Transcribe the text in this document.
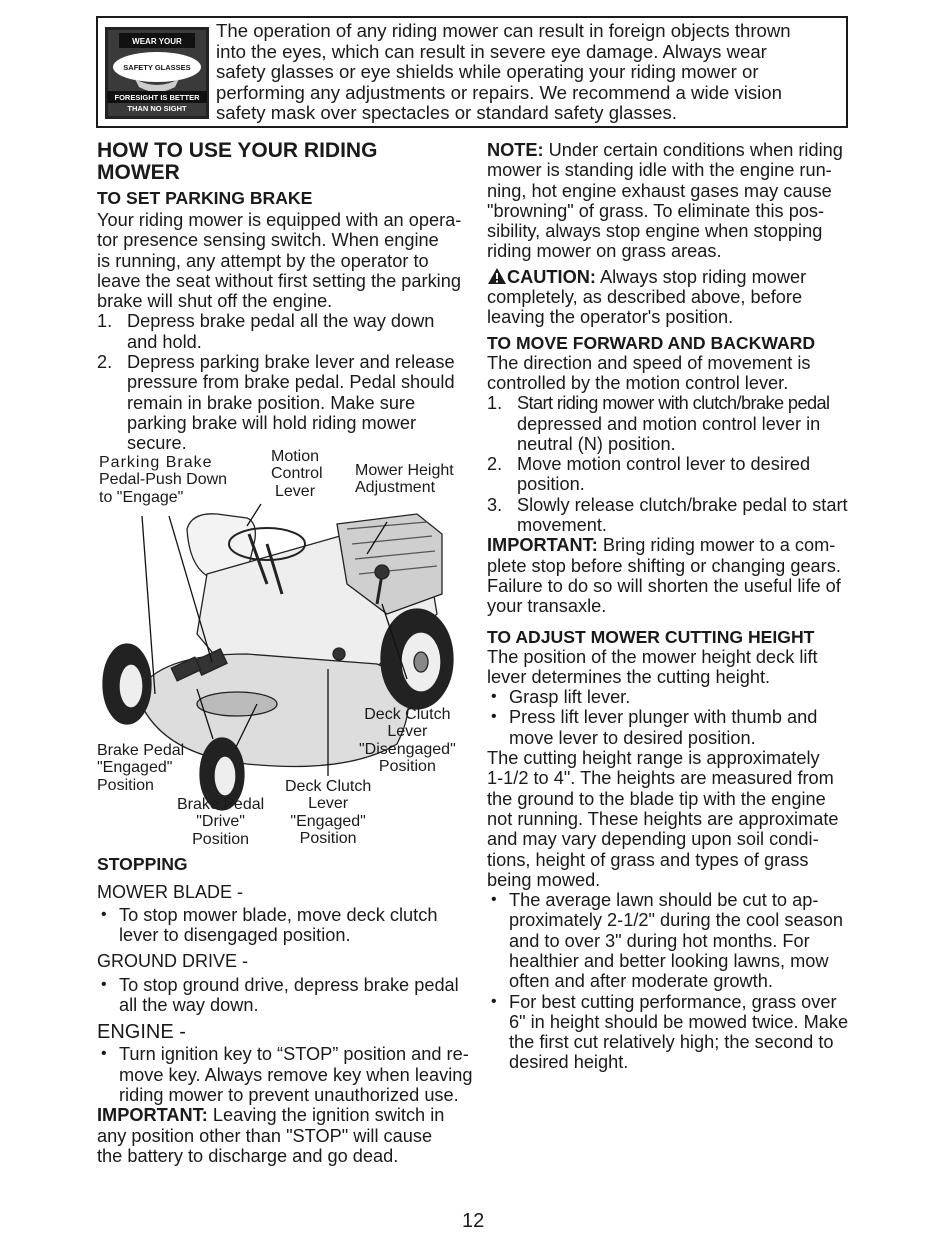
WEAR YOUR
SAFETY GLASSES
FORESIGHT IS BETTER
THAN NO SIGHT
The operation of any riding mower can result in foreign objects thrown
into the eyes, which can result in severe eye damage. Always wear
safety glasses or eye shields while operating your riding mower or
performing any adjustments or repairs. We recommend a wide vision
safety mask over spectacles or standard safety glasses.
HOW TO USE YOUR RIDING
MOWER
TO SET PARKING BRAKE
Your riding mower is equipped with an opera-
tor presence sensing switch. When engine
is running, any attempt by the operator to
leave the seat without first setting the parking
brake will shut off the engine.
1. Depress brake pedal all the way down
and hold.
2. Depress parking brake lever and release
pressure from brake pedal. Pedal should
remain in brake position. Make sure
parking brake will hold riding mower
secure.
Parking Brake
Pedal-Push Down
to "Engage"
Motion
Control
Lever
Mower Height
Adjustment
Deck Clutch
Lever
"Disengaged"
Position
Brake Pedal
"Engaged"
Position	Deck Clutch
Lever
"Engaged"
Position
Brake Pedal
"Drive"
Position
STOPPING
MOWER BLADE -
• To stop mower blade, move deck clutch
lever to disengaged position.
GROUND DRIVE -
• To stop ground drive, depress brake pedal
all the way down.
ENGINE -
• Turn ignition key to “STOP” position and re-
move key. Always remove key when leaving
riding mower to prevent unauthorized use.
IMPORTANT: Leaving the ignition switch in
any position other than "STOP" will cause
the battery to discharge and go dead.
NOTE: Under certain conditions when riding
mower is standing idle with the engine run-
ning, hot engine exhaust gases may cause
"browning" of grass. To eliminate this pos-
sibility, always stop engine when stopping
riding mower on grass areas.
CAUTION: Always stop riding mower
completely, as described above, before
leaving the operator's position.
TO MOVE FORWARD AND BACKWARD
The direction and speed of movement is
controlled by the motion control lever.
1. Start riding mower with clutch/brake pedal
depressed and motion control lever in
neutral (N) position.
2. Move motion control lever to desired
position.
3. Slowly release clutch/brake pedal to start
movement.
IMPORTANT: Bring riding mower to a com-
plete stop before shifting or changing gears.
Failure to do so will shorten the useful life of
your transaxle.
TO ADJUST MOWER CUTTING HEIGHT
The position of the mower height deck lift
lever determines the cutting height.
• Grasp lift lever.
• Press lift lever plunger with thumb and
move lever to desired position.
The cutting height range is approximately
1-1/2 to 4". The heights are measured from
the ground to the blade tip with the engine
not running. These heights are approximate
and may vary depending upon soil condi-
tions, height of grass and types of grass
being mowed.
• The average lawn should be cut to ap-
proximately 2-1/2" during the cool season
and to over 3" during hot months. For
healthier and better looking lawns, mow
often and after moderate growth.
• For best cutting performance, grass over
6" in height should be mowed twice. Make
the first cut relatively high; the second to
desired height.
12
